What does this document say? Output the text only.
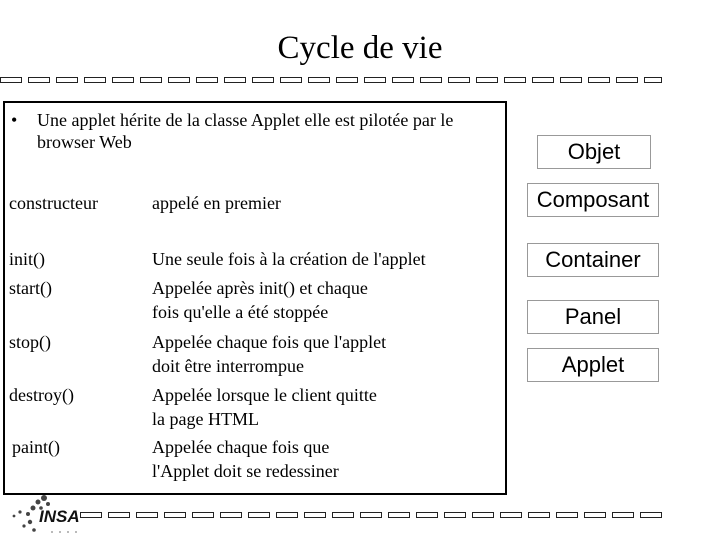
Cycle de vie
• Une applet hérite de la classe Applet elle est pilotée par le browser Web
constructeur	appelé en premier
init()	Une seule fois à la création de l'applet
start()	Appelée après init() et chaque
fois qu'elle a été stoppée
stop()	Appelée chaque fois que l'applet
doit être interrompue
destroy()	Appelée lorsque le client quitte
la page HTML
paint()	Appelée chaque fois que
l'Applet doit se redessiner
Objet
Composant
Container
Panel
Applet
INSA
